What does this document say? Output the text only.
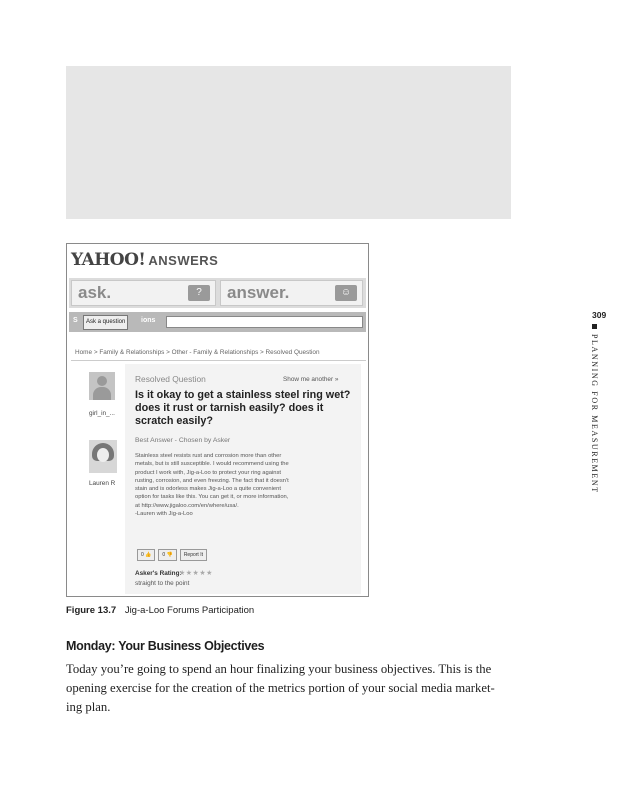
YAHOO! ANSWERS
ask.	?	answer.	☺
S	Ask a question	ions
Home > Family & Relationships > Other - Family & Relationships > Resolved Question
girl_in_...
Lauren R
Resolved Question	Show me another »
Is it okay to get a stainless steel ring wet? does it rust or tarnish easily? does it scratch easily?
Best Answer - Chosen by Asker
Stainless steel resists rust and corrosion more than other
metals, but is still susceptible. I would recommend using the
product I work with, Jig-a-Loo to protect your ring against
rusting, corrosion, and even freezing. The fact that it doesn't
stain and is odorless makes Jig-a-Loo a quite convenient
option for tasks like this. You can get it, or more information,
at http://www.jigaloo.com/en/where/usa/.
-Lauren with Jig-a-Loo
0 👍	0 👎	Report It
Asker's Rating:
★★★★★
straight to the point
Figure 13.7 Jig-a-Loo Forums Participation
Monday: Your Business Objectives
Today you’re going to spend an hour finalizing your business objectives. This is the
opening exercise for the creation of the metrics portion of your social media market-
ing plan.
309
PLANNING FOR MEASUREMENT
